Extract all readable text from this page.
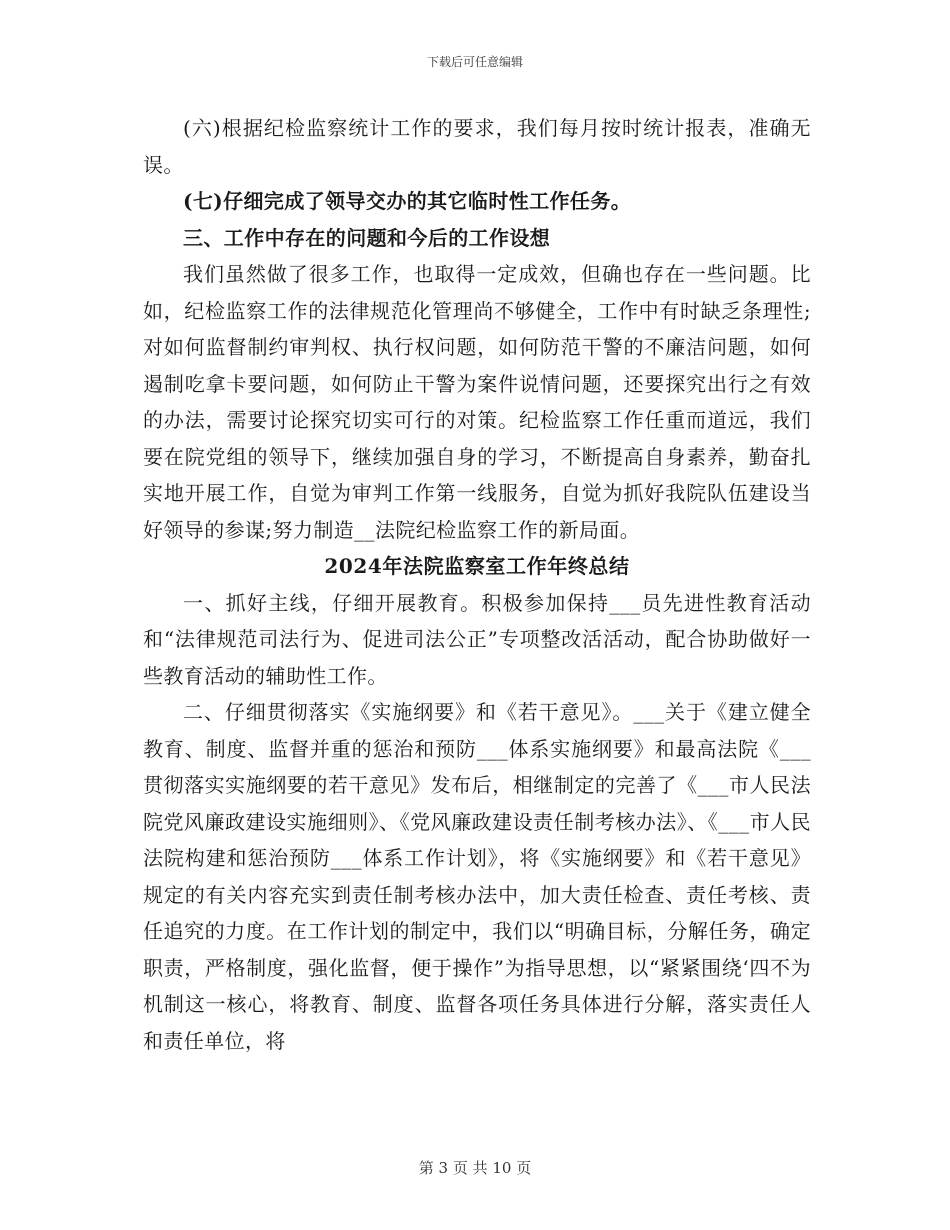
下载后可任意编辑

(六)根据纪检监察统计工作的要求，我们每月按时统计报表，准确无误。

(七)仔细完成了领导交办的其它临时性工作任务。

三、工作中存在的问题和今后的工作设想

我们虽然做了很多工作，也取得一定成效，但确也存在一些问题。比如，纪检监察工作的法律规范化管理尚不够健全，工作中有时缺乏条理性;对如何监督制约审判权、执行权问题，如何防范干警的不廉洁问题，如何遏制吃拿卡要问题，如何防止干警为案件说情问题，还要探究出行之有效的办法，需要讨论探究切实可行的对策。纪检监察工作任重而道远，我们要在院党组的领导下，继续加强自身的学习，不断提高自身素养，勤奋扎实地开展工作，自觉为审判工作第一线服务，自觉为抓好我院队伍建设当好领导的参谋;努力制造__法院纪检监察工作的新局面。

2024年法院监察室工作年终总结

一、抓好主线，仔细开展教育。积极参加保持___员先进性教育活动和“法律规范司法行为、促进司法公正”专项整改活活动，配合协助做好一些教育活动的辅助性工作。

二、仔细贯彻落实《实施纲要》和《若干意见》。___关于《建立健全教育、制度、监督并重的惩治和预防___体系实施纲要》和最高法院《___贯彻落实实施纲要的若干意见》发布后，相继制定的完善了《___市人民法院党风廉政建设实施细则》、《党风廉政建设责任制考核办法》、《___市人民法院构建和惩治预防___体系工作计划》，将《实施纲要》和《若干意见》规定的有关内容充实到责任制考核办法中，加大责任检查、责任考核、责任追究的力度。在工作计划的制定中，我们以“明确目标，分解任务，确定职责，严格制度，强化监督，便于操作”为指导思想，以“紧紧围绕‘四不为机制这一核心，将教育、制度、监督各项任务具体进行分解，落实责任人和责任单位，将

第 3 页 共 10 页
